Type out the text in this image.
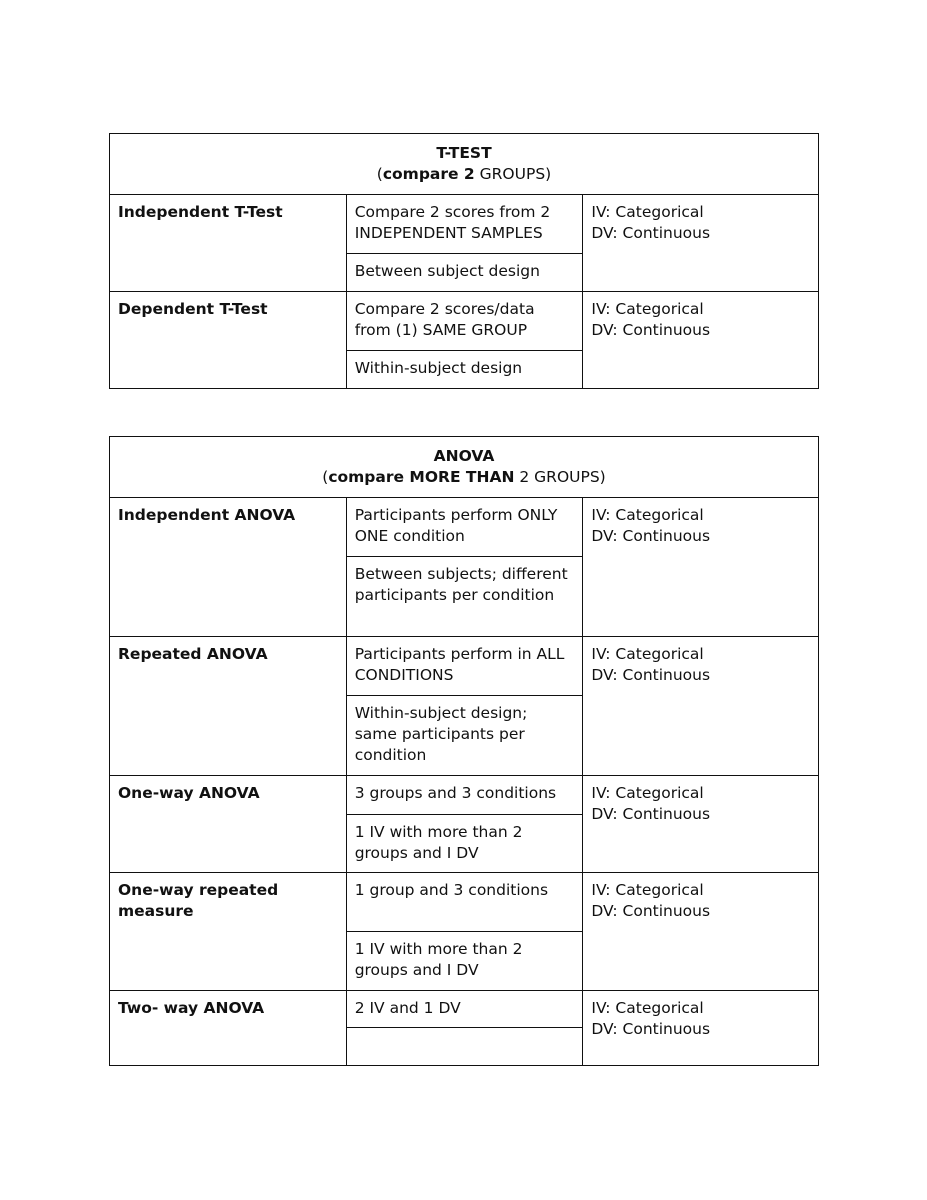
T-TEST
(compare 2 GROUPS)		

Independent T-Test	Compare 2 scores from 2 INDEPENDENT SAMPLES	IV: Categorical
DV: Continuous

	Between subject design	
Dependent T-Test	Compare 2 scores/data from (1) SAME GROUP	IV: Categorical
DV: Continuous

	Within-subject design	
ANOVA
(compare MORE THAN 2 GROUPS)		

Independent ANOVA	Participants perform ONLY ONE condition	IV: Categorical
DV: Continuous

	Between subjects; different participants per condition	
Repeated ANOVA	Participants perform in ALL CONDITIONS	IV: Categorical
DV: Continuous

	Within-subject design; same participants per condition	
One-way ANOVA	3 groups and 3 conditions	IV: Categorical
DV: Continuous

	1 IV with more than 2 groups and I DV	
One-way repeated measure	1 group and 3 conditions	IV: Categorical
DV: Continuous

	1 IV with more than 2 groups and I DV	
Two- way ANOVA	2 IV and 1 DV	IV: Categorical
DV: Continuous
